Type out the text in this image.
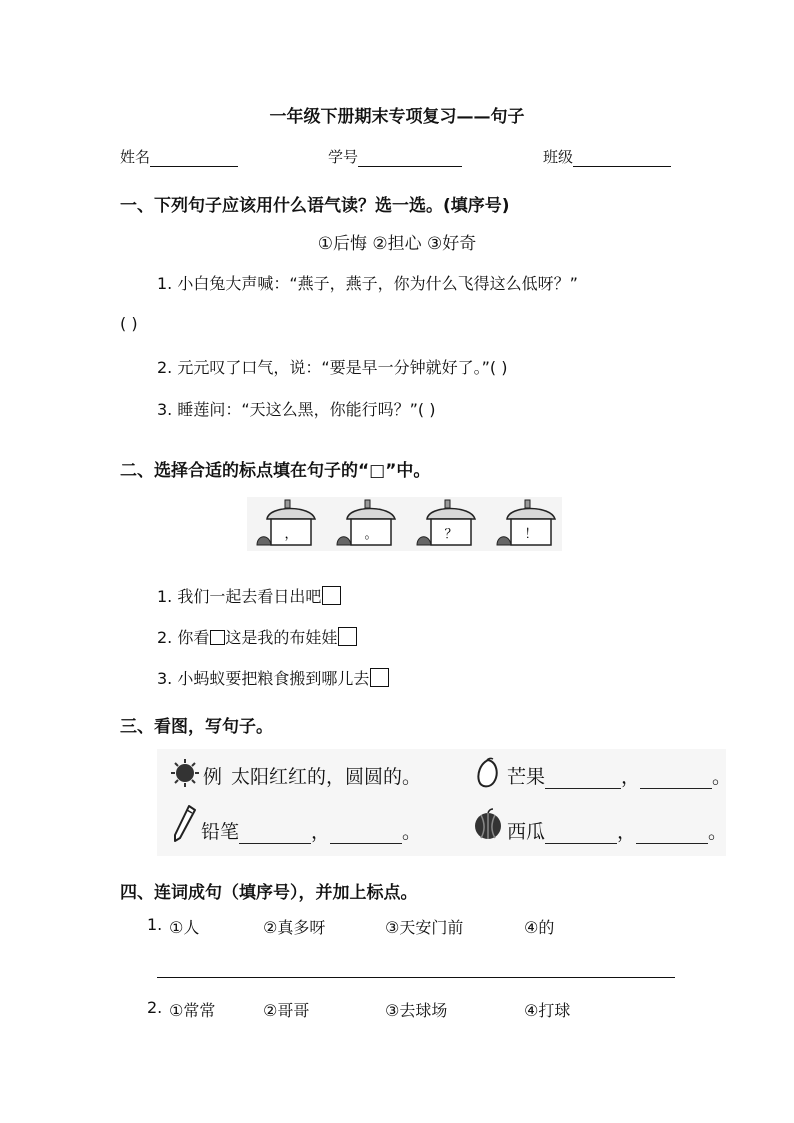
一年级下册期末专项复习——句子
姓名	学号	班级
一、下列句子应该用什么语气读？选一选。(填序号)
①后悔 ②担心 ③好奇
1. 小白兔大声喊：“燕子，燕子，你为什么飞得这么低呀？”
( )
2. 元元叹了口气，说：“要是早一分钟就好了。”( )
3. 睡莲问：“天这么黑，你能行吗？”( )
二、选择合适的标点填在句子的“□”中。
，	。	？	！
1. 我们一起去看日出吧
2. 你看 这是我的布娃娃
3. 小蚂蚁要把粮食搬到哪儿去
三、看图，写句子。
例 太阳红红的，圆圆的。	芒果	，	。
铅笔	，	。	西瓜	，	。
四、连词成句（填序号），并加上标点。
1. ①人	②真多呀	③天安门前	④的
2. ①常常	②哥哥	③去球场	④打球
